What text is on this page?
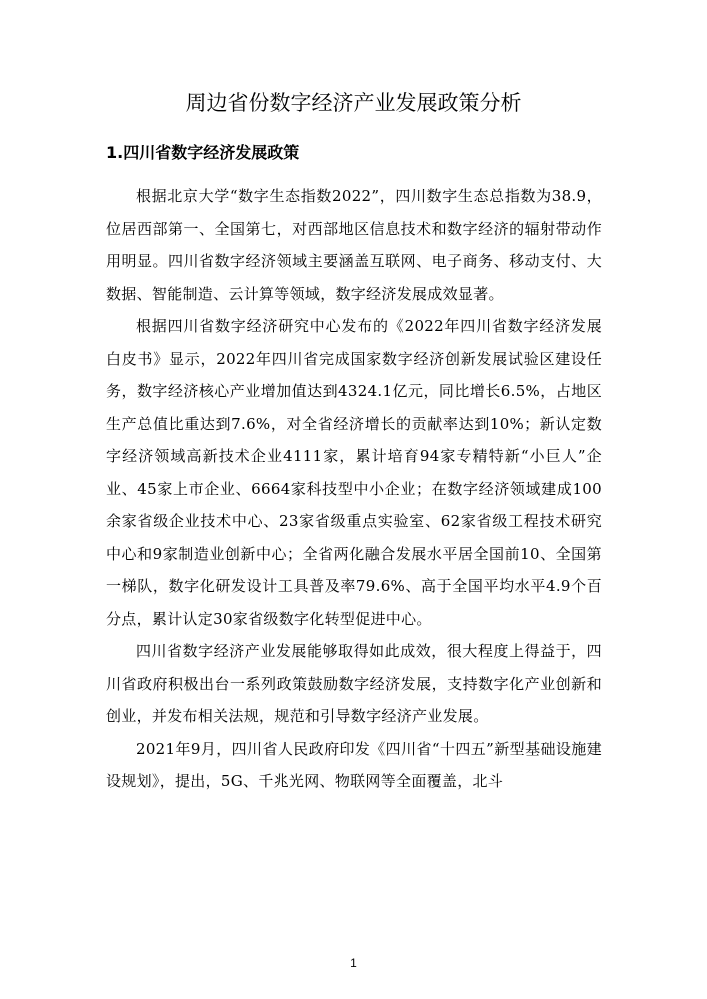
周边省份数字经济产业发展政策分析
1.四川省数字经济发展政策

根据北京大学“数字生态指数2022”，四川数字生态总指数为38.9，位居西部第一、全国第七，对西部地区信息技术和数字经济的辐射带动作用明显。四川省数字经济领域主要涵盖互联网、电子商务、移动支付、大数据、智能制造、云计算等领域，数字经济发展成效显著。

根据四川省数字经济研究中心发布的《2022年四川省数字经济发展白皮书》显示，2022年四川省完成国家数字经济创新发展试验区建设任务，数字经济核心产业增加值达到4324.1亿元，同比增长6.5%，占地区生产总值比重达到7.6%，对全省经济增长的贡献率达到10%；新认定数字经济领域高新技术企业4111家，累计培育94家专精特新“小巨人”企业、45家上市企业、6664家科技型中小企业；在数字经济领域建成100余家省级企业技术中心、23家省级重点实验室、62家省级工程技术研究中心和9家制造业创新中心；全省两化融合发展水平居全国前10、全国第一梯队，数字化研发设计工具普及率79.6%、高于全国平均水平4.9个百分点，累计认定30家省级数字化转型促进中心。

四川省数字经济产业发展能够取得如此成效，很大程度上得益于，四川省政府积极出台一系列政策鼓励数字经济发展，支持数字化产业创新和创业，并发布相关法规，规范和引导数字经济产业发展。

2021年9月，四川省人民政府印发《四川省“十四五”新型基础设施建设规划》，提出，5G、千兆光网、物联网等全面覆盖，北斗

1
